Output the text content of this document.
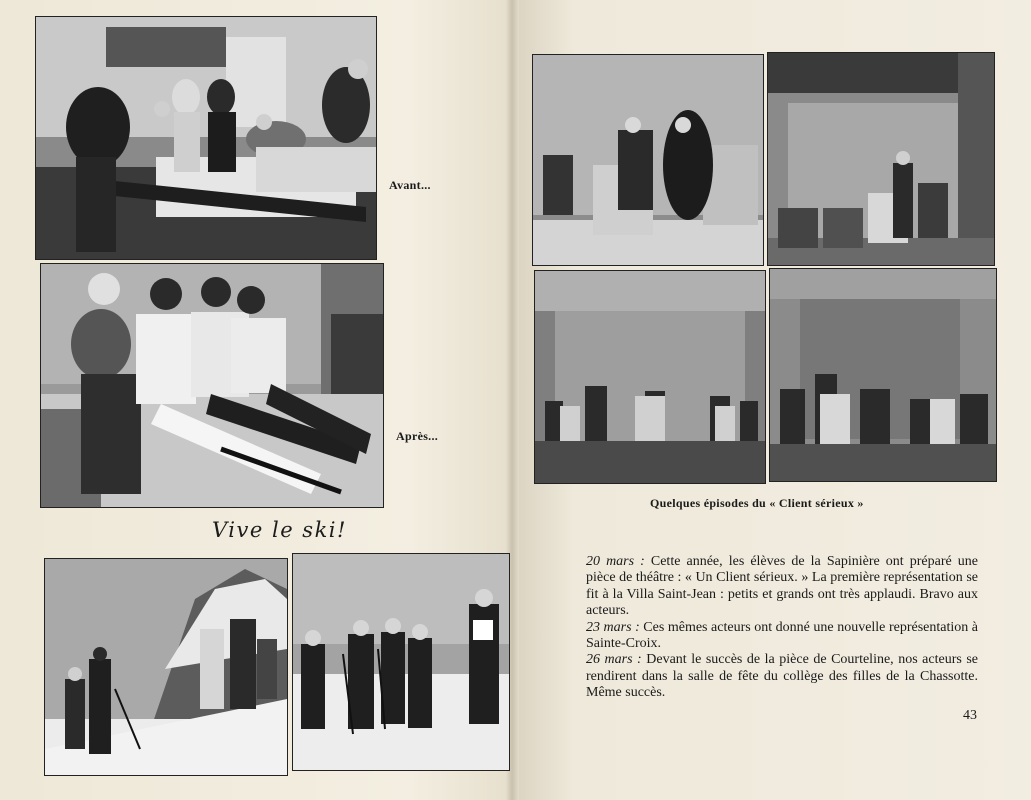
Avant...
Après...
Vive le ski!
Quelques épisodes du « Client sérieux »

20 mars : Cette année, les élèves de la Sapinière ont préparé une pièce de théâtre : « Un Client sérieux. » La première représentation se fit à la Villa Saint-Jean : petits et grands ont très applaudi. Bravo aux acteurs.

23 mars : Ces mêmes acteurs ont donné une nouvelle représentation à Sainte-Croix.

26 mars : Devant le succès de la pièce de Courteline, nos acteurs se rendirent dans la salle de fête du collège des filles de la Chassotte. Même succès.

43
